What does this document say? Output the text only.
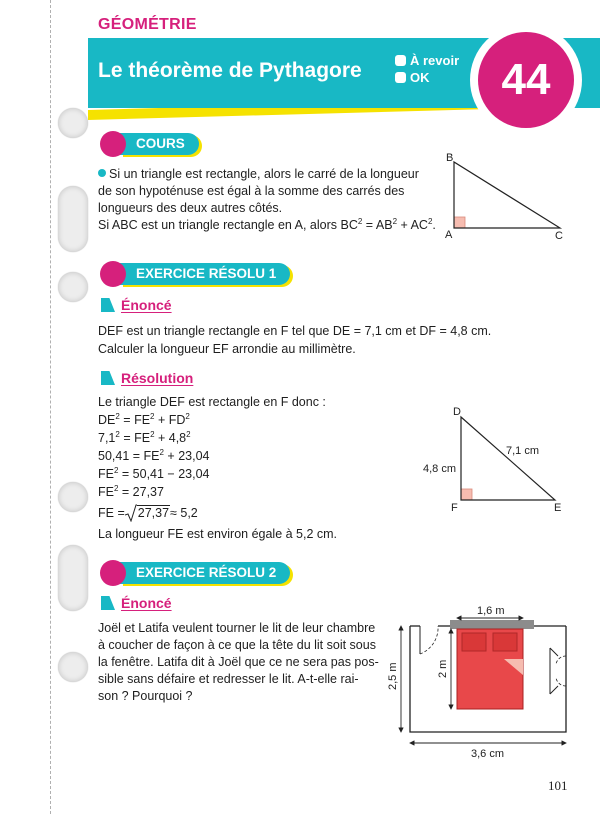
GÉOMÉTRIE
Le théorème de Pythagore	À revoir
OK	44
COURS
Si un triangle est rectangle, alors le carré de la longueur de son hypoténuse est égal à la somme des carrés des longueurs des deux autres côtés.
Si ABC est un triangle rectangle en A, alors $BC^2 = AB^2 + AC^2$.
B
A	C
EXERCICE RÉSOLU 1
Énoncé
DEF est un triangle rectangle en F tel que DE = 7,1 cm et DF = 4,8 cm.
Calculer la longueur EF arrondie au millimètre.
Résolution
Le triangle DEF est rectangle en F donc :
$DE^2 = FE^2 + FD^2$
$7,1^2 = FE^2 + 4,8^2$
$50,41 = FE^2 + 23,04$
$FE^2 = 50,41 - 23,04$
$FE^2 = 27,37$
FE = 27,37 ≈ 5,2
La longueur FE est environ égale à 5,2 cm.
D
F	E
7,1 cm
4,8 cm
EXERCICE RÉSOLU 2
Énoncé
Joël et Latifa veulent tourner le lit de leur chambre
à coucher de façon à ce que la tête du lit soit sous
la fenêtre. Latifa dit à Joël que ce ne sera pas pos-
sible sans défaire et redresser le lit. A-t-elle rai-
son ? Pourquoi ?
1,6 m
2 m
2,5 m
3,6 cm
101
